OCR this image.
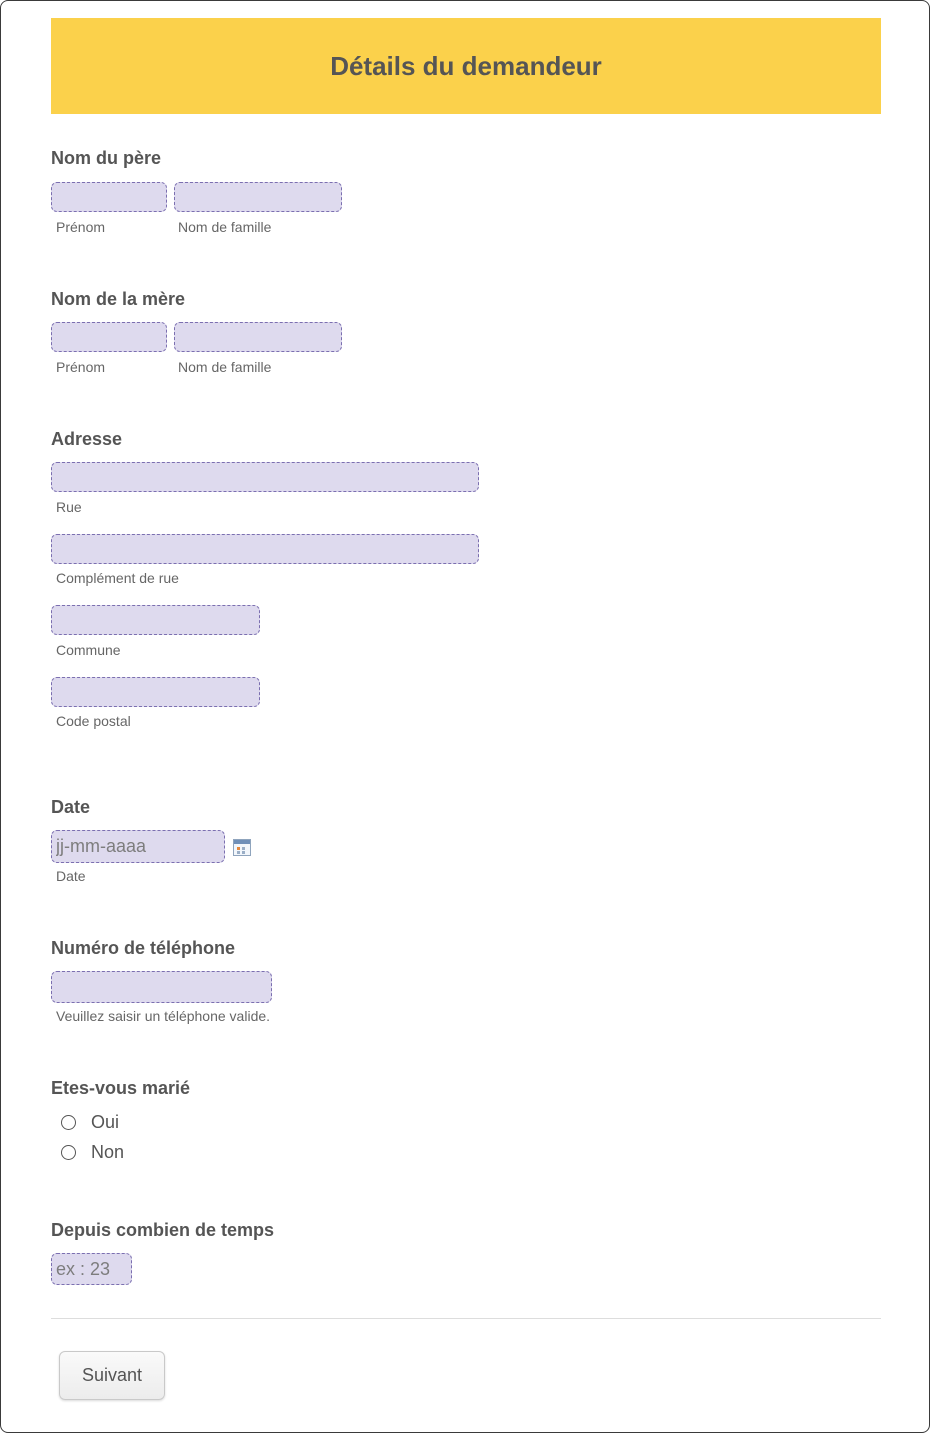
Détails du demandeur
Nom du père
Prénom	Nom de famille
Nom de la mère
Prénom	Nom de famille
Adresse
Rue
Complément de rue
Commune
Code postal
Date
jj-mm-aaaa
Date
Numéro de téléphone
Veuillez saisir un téléphone valide.
Etes-vous marié
Oui
Non
Depuis combien de temps
ex : 23
Suivant
